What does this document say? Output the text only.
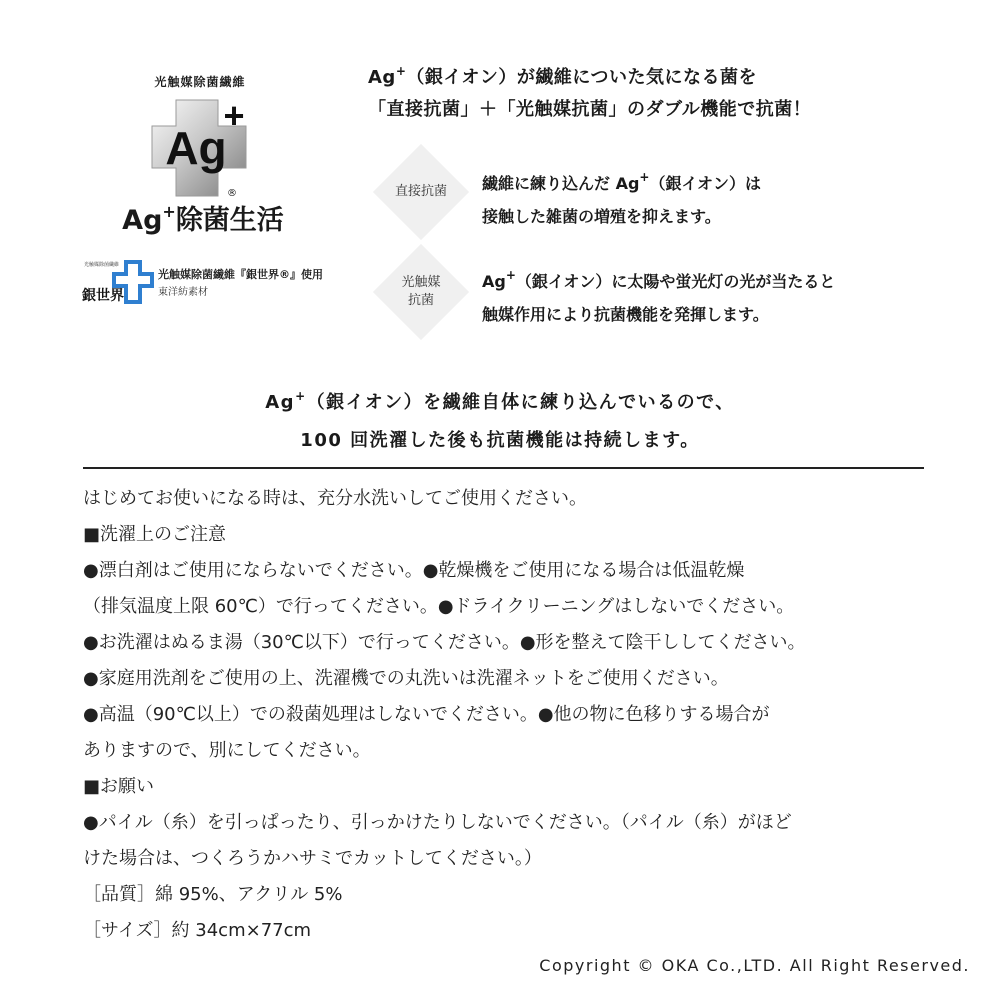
光触媒除菌繊維
Ag
+
®
Ag+除菌生活
光触媒除菌繊維
銀世界
光触媒除菌繊維『銀世界®』使用
東洋紡素材
Ag+（銀イオン）が繊維についた気になる菌を
「直接抗菌」＋「光触媒抗菌」のダブル機能で抗菌！
直接抗菌	繊維に練り込んだ Ag+（銀イオン）は
接触した雑菌の増殖を抑えます。
光触媒
抗菌
Ag+（銀イオン）に太陽や蛍光灯の光が当たると
触媒作用により抗菌機能を発揮します。
Ag+（銀イオン）を繊維自体に練り込んでいるので、
100 回洗濯した後も抗菌機能は持続します。
はじめてお使いになる時は、充分水洗いしてご使用ください。
■洗濯上のご注意
●漂白剤はご使用にならないでください。●乾燥機をご使用になる場合は低温乾燥
（排気温度上限 60℃）で行ってください。●ドライクリーニングはしないでください。
●お洗濯はぬるま湯（30℃以下）で行ってください。●形を整えて陰干ししてください。
●家庭用洗剤をご使用の上、洗濯機での丸洗いは洗濯ネットをご使用ください。
●高温（90℃以上）での殺菌処理はしないでください。●他の物に色移りする場合が
ありますので、別にしてください。
■お願い
●パイル（糸）を引っぱったり、引っかけたりしないでください。（パイル（糸）がほど
けた場合は、つくろうかハサミでカットしてください。）
［品質］綿 95%、アクリル 5%
［サイズ］約 34cm×77cm
Copyright © OKA Co.,LTD. All Right Reserved.
